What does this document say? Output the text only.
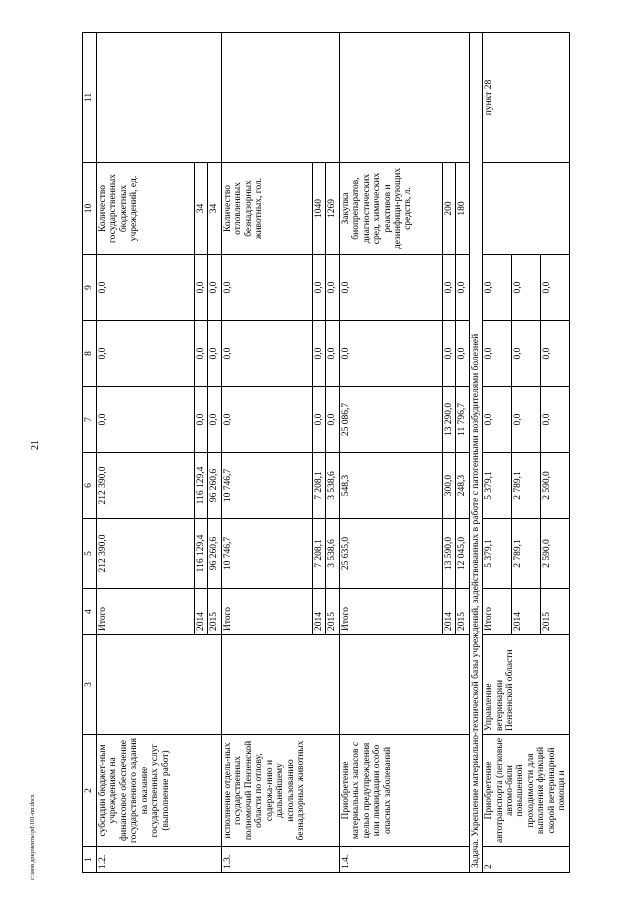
21
c:\мои документы\pd\101-пп.docx	1	2	3	4	5	6	7	8	9	10	11
1.2.	субсидии бюджет-ным учреждениям на финансовое обеспечение государственного задания на оказание государственных услуг (выполнение работ)		Итого	212 390,0	212 390,0	0,0	0,0	0,0	Количество государственных бюджетных учреждений, ед.	
			2014	116 129,4	116 129,4	0,0	0,0	0,0	34	
			2015	96 260,6	96 260,6	0,0	0,0	0,0	34	
1.3.	исполнение отдель-ных государственных полномочий Пензенской области по отлову, содержа-нию и дальнейшему использованию безнадзорных животных		Итого	10 746,7	10 746,7	0,0	0,0	0,0	Количество отловленных безнадзорных животных, гол.	
			2014	7 208,1	7 208,1	0,0	0,0	0,0	1040	
			2015	3 538,6	3 538,6	0,0	0,0	0,0	1269	
1.4.	Приобретение материальных запасов с целью предупреждения или ликвидации особо опасных заболеваний		Итого	25 635,0	548,3	25 086,7	0,0	0,0	Закупка биопрепаратов, диагностических сред, химических реактивов и дезинфици-рующих средств, л.	
			2014	13 590,0	300,0	13 290,0	0,0	0,0	200	
			2015	12 045,0	248,3	11 796,7	0,0	0,0	180	
Задача. Укрепление материально-технической базы учреждений, задействованных в работе с патогенными возбудителями болезней										
2	Приобретение автотранспорта (легковые автомо-били повышенной проходимости для выполнения функций скорой ветеринарной помощи и	Управление ветеринарии Пензенской области	Итого	5 379,1	5 379,1	0,0	0,0	0,0		пункт 28
			2014	2 789,1	2 789,1	0,0	0,0	0,0		
			2015	2 590,0	2 590,0	0,0	0,0	0,0		
